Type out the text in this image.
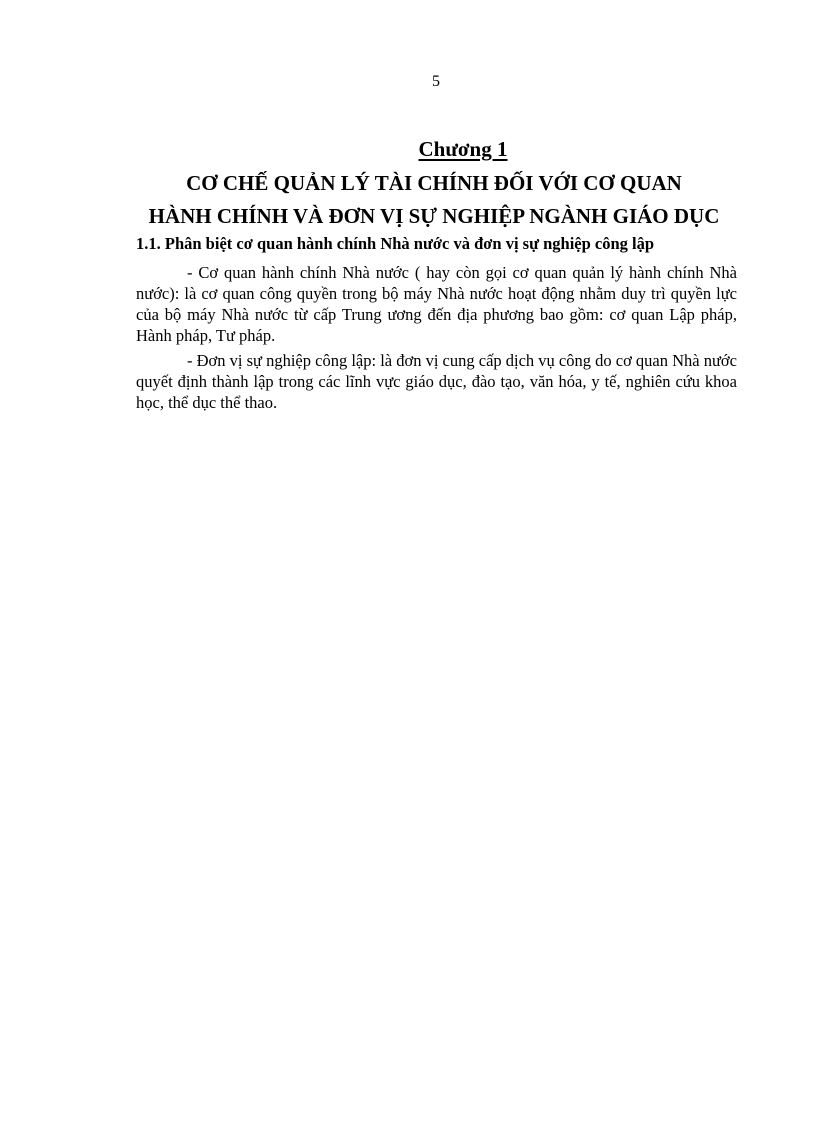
5
Chương 1
CƠ CHẾ QUẢN LÝ TÀI CHÍNH ĐỐI VỚI CƠ QUAN
HÀNH CHÍNH VÀ ĐƠN VỊ SỰ NGHIỆP NGÀNH GIÁO DỤC
1.1. Phân biệt cơ quan hành chính Nhà nước và đơn vị sự nghiệp công lập

- Cơ quan hành chính Nhà nước ( hay còn gọi cơ quan quản lý hành chính Nhà nước): là cơ quan công quyền trong bộ máy Nhà nước hoạt động nhằm duy trì quyền lực của bộ máy Nhà nước từ cấp Trung ương đến địa phương bao gồm: cơ quan Lập pháp, Hành pháp, Tư pháp.

- Đơn vị sự nghiệp công lập: là đơn vị cung cấp dịch vụ công do cơ quan Nhà nước quyết định thành lập trong các lĩnh vực giáo dục, đào tạo, văn hóa, y tế, nghiên cứu khoa học, thể dục thể thao.
